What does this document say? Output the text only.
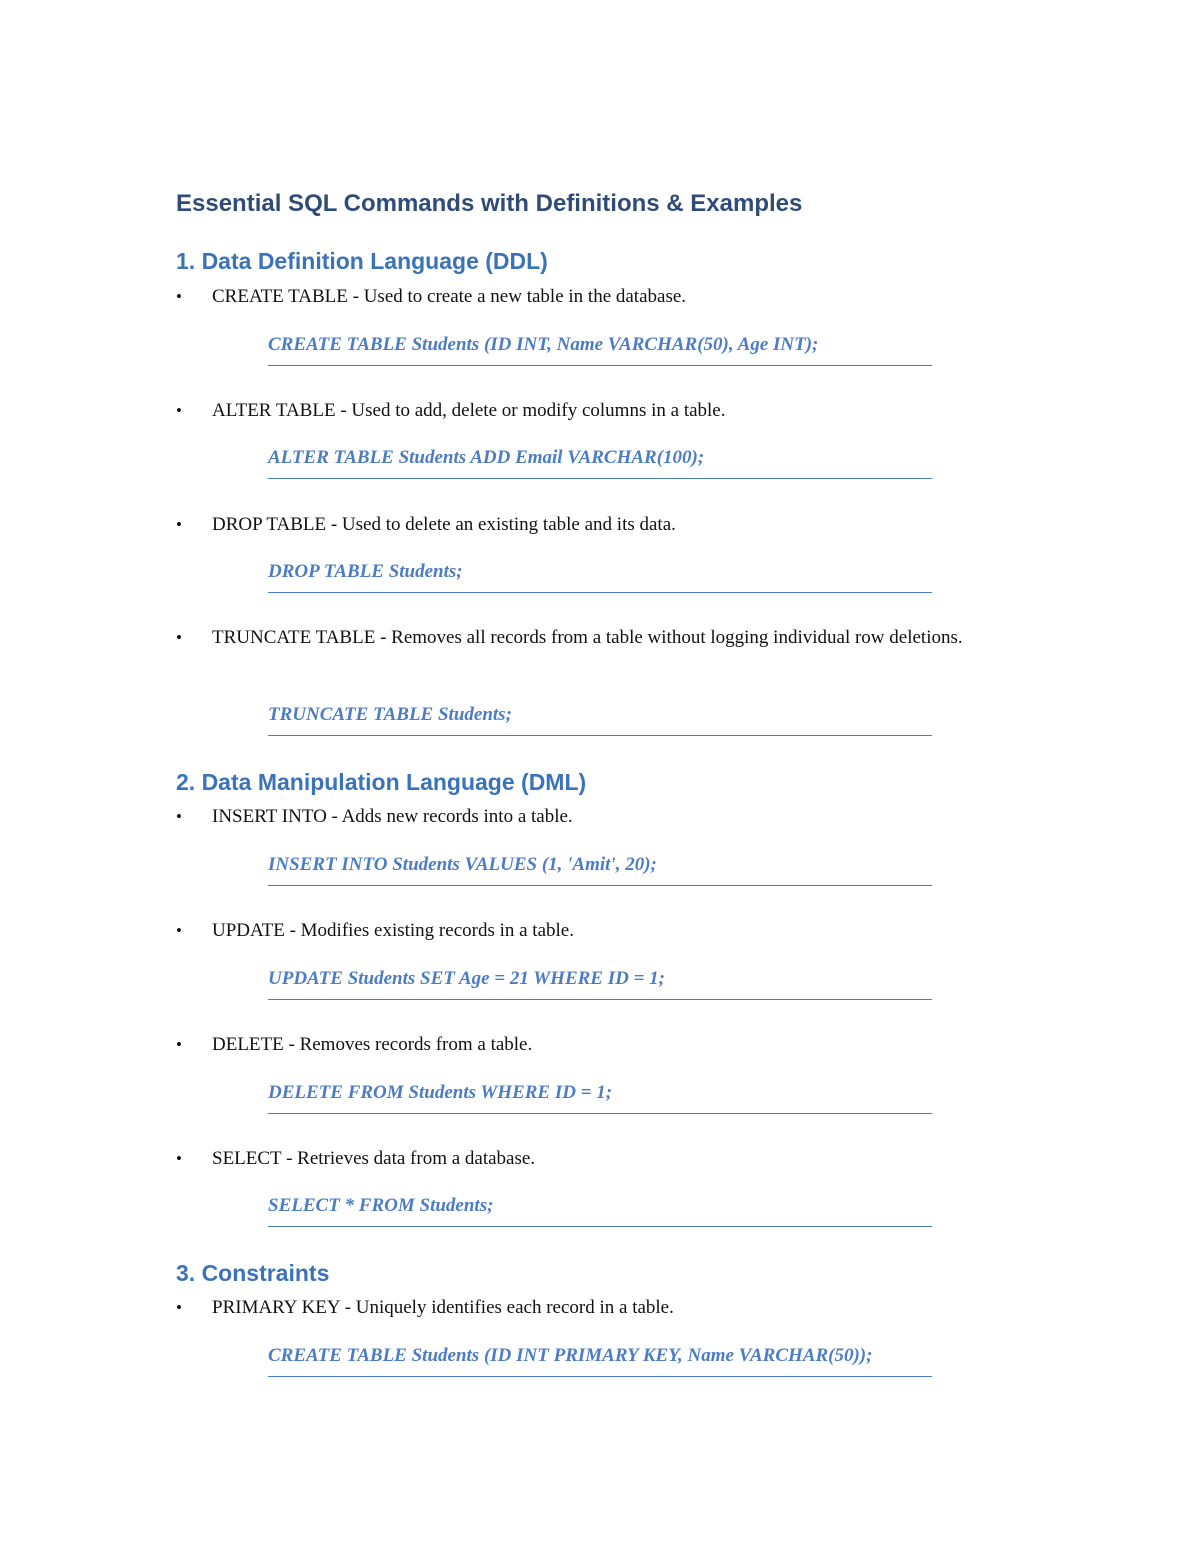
Essential SQL Commands with Definitions & Examples
1. Data Definition Language (DDL)
• CREATE TABLE - Used to create a new table in the database.
CREATE TABLE Students (ID INT, Name VARCHAR(50), Age INT);
• ALTER TABLE - Used to add, delete or modify columns in a table.
ALTER TABLE Students ADD Email VARCHAR(100);
• DROP TABLE - Used to delete an existing table and its data.
DROP TABLE Students;
• TRUNCATE TABLE - Removes all records from a table without logging individual row deletions.
TRUNCATE TABLE Students;
2. Data Manipulation Language (DML)
• INSERT INTO - Adds new records into a table.
INSERT INTO Students VALUES (1, 'Amit', 20);
• UPDATE - Modifies existing records in a table.
UPDATE Students SET Age = 21 WHERE ID = 1;
• DELETE - Removes records from a table.
DELETE FROM Students WHERE ID = 1;
• SELECT - Retrieves data from a database.
SELECT * FROM Students;
3. Constraints
• PRIMARY KEY - Uniquely identifies each record in a table.
CREATE TABLE Students (ID INT PRIMARY KEY, Name VARCHAR(50));
